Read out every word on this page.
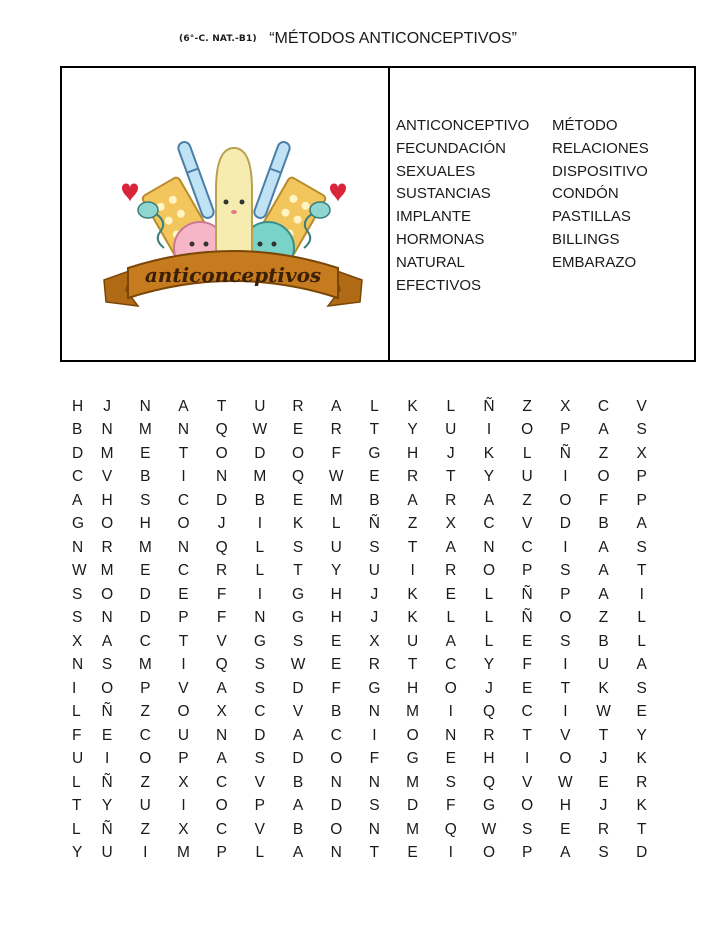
(6°-C. NAT.-B1) “MÉTODOS ANTICONCEPTIVOS”
anticonceptivos
ANTICONCEPTIVO	MÉTODO
FECUNDACIÓN	RELACIONES
SEXUALES	DISPOSITIVO
SUSTANCIAS	CONDÓN
IMPLANTE	PASTILLAS
HORMONAS	BILLINGS
NATURAL	EMBARAZO
EFECTIVOS
H	J	N	A	T	U	R	A	L	K	L	Ñ	Z	X	C	V
B	N	M	N	Q	W	E	R	T	Y	U	I	O	P	A	S
D	M	E	T	O	D	O	F	G	H	J	K	L	Ñ	Z	X
C	V	B	I	N	M	Q	W	E	R	T	Y	U	I	O	P
A	H	S	C	D	B	E	M	B	A	R	A	Z	O	F	P
G	O	H	O	J	I	K	L	Ñ	Z	X	C	V	D	B	A
N	R	M	N	Q	L	S	U	S	T	A	N	C	I	A	S
W M	E	C	R	L	T	Y	U	I	R	O	P	S	A	T
S	O	D	E	F	I	G	H	J	K	E	L	Ñ	P	A	I
S	N	D	P	F	N	G	H	J	K	L	L	Ñ	O	Z	L
X	A	C	T	V	G	S	E	X	U	A	L	E	S	B	L
N	S	M	I	Q	S	W	E	R	T	C	Y	F	I	U	A
I	O	P	V	A	S	D	F	G	H	O	J	E	T	K	S
L	Ñ	Z	O	X	C	V	B	N	M	I	Q	C	I	W	E
F	E	C	U	N	D	A	C	I	O	N	R	T	V	T	Y
U	I	O	P	A	S	D	O	F	G	E	H	I	O	J	K
L	Ñ	Z	X	C	V	B	N	N	M	S	Q	V	W	E	R
T	Y	U	I	O	P	A	D	S	D	F	G	O	H	J	K
L	Ñ	Z	X	C	V	B	O	N	M	Q	W	S	E	R	T
Y	U	I	M	P	L	A	N	T	E	I	O	P	A	S	D
